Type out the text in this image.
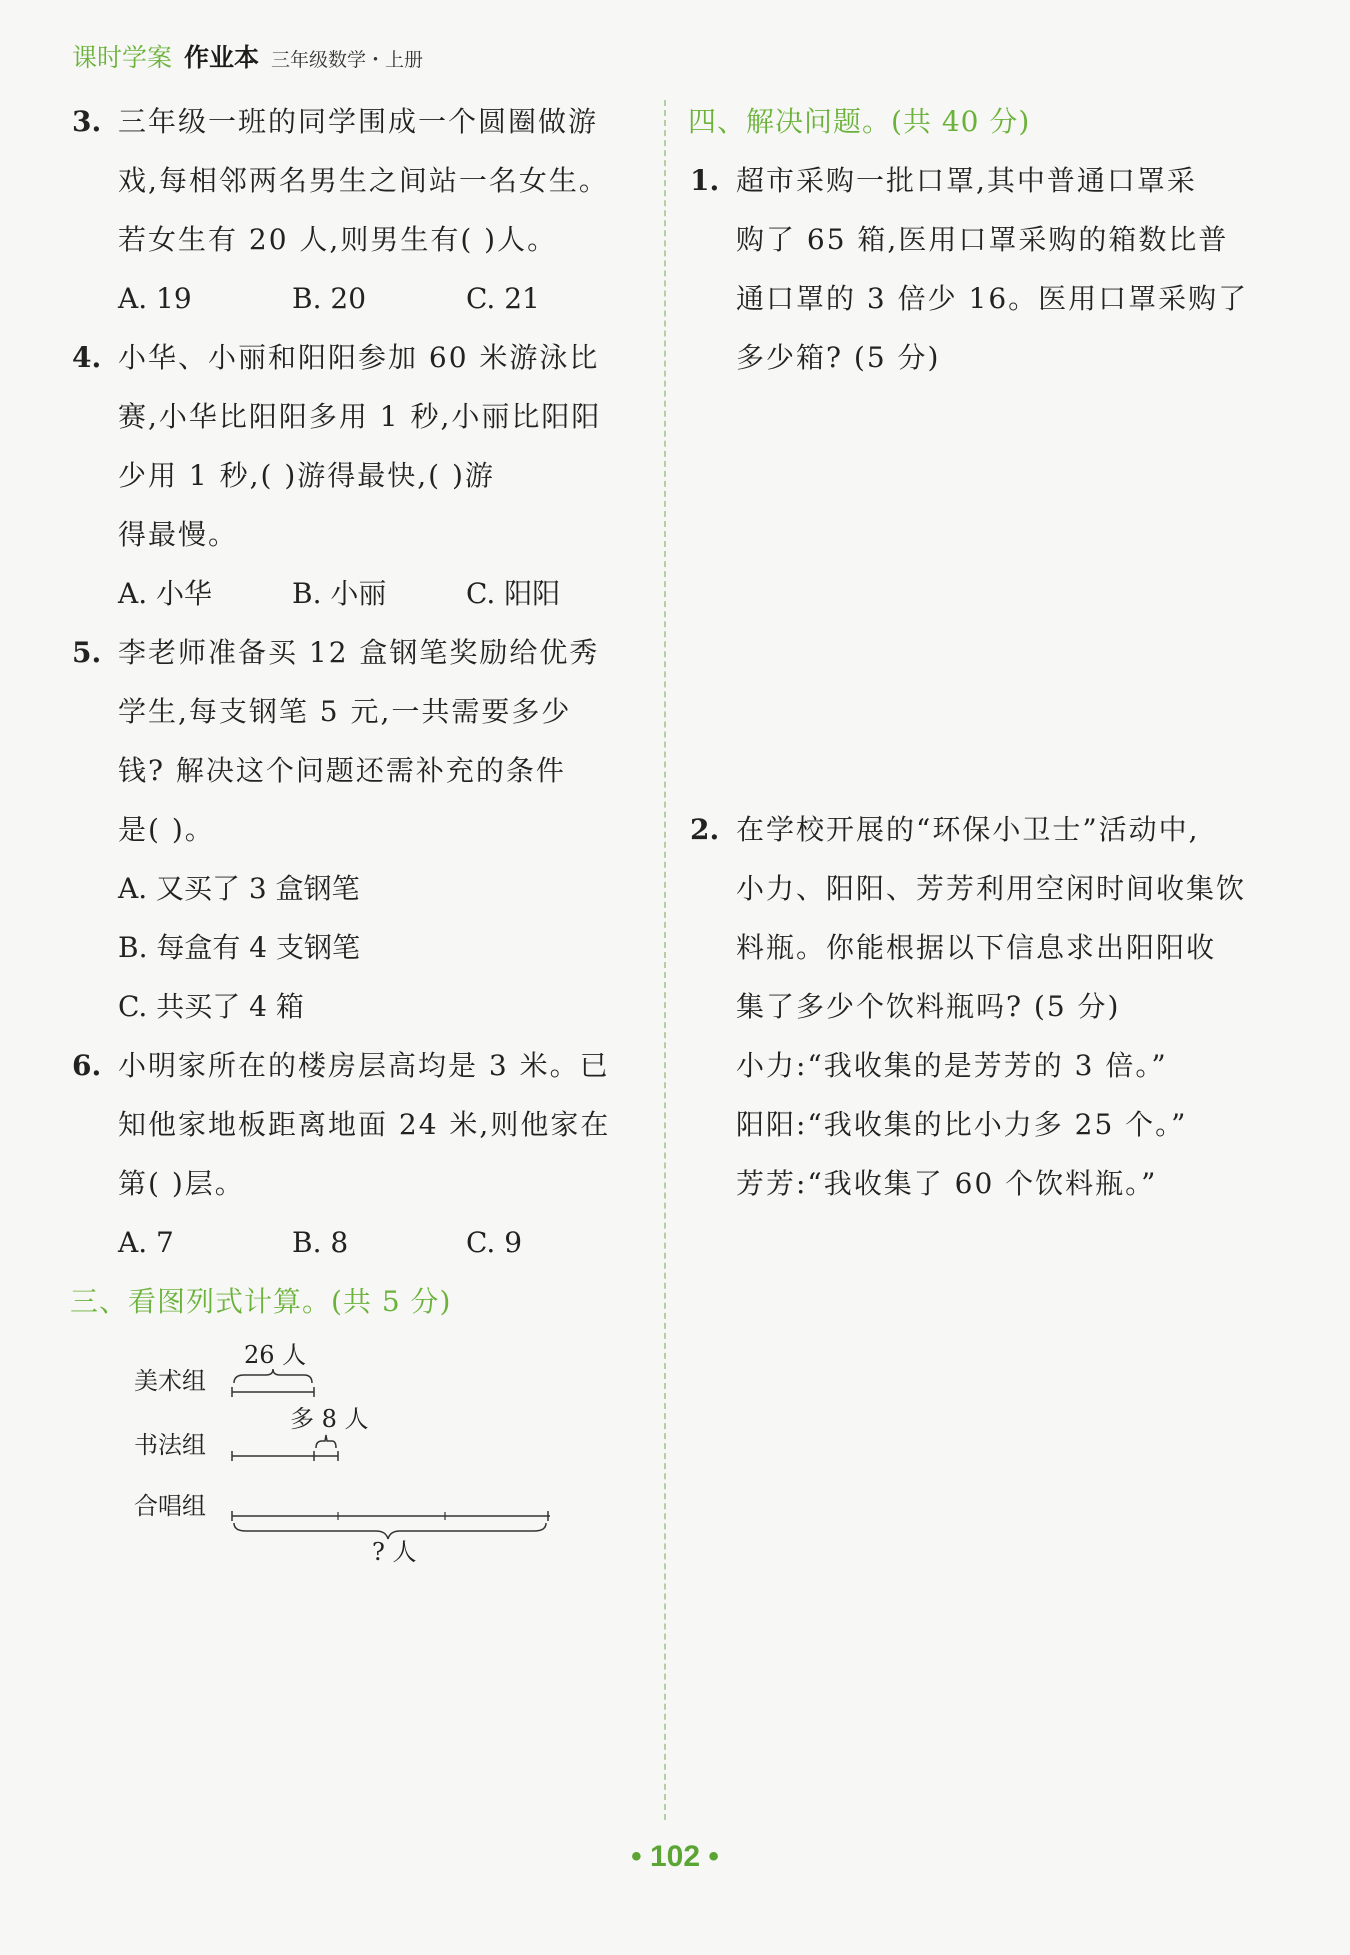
课时学案 作业本 三年级数学・上册
3. 三年级一班的同学围成一个圆圈做游
戏,每相邻两名男生之间站一名女生。
若女生有 20 人,则男生有( )人。
A. 19	B. 20	C. 21
4. 小华、小丽和阳阳参加 60 米游泳比
赛,小华比阳阳多用 1 秒,小丽比阳阳
少用 1 秒,( )游得最快,( )游
得最慢。
A. 小华	B. 小丽	C. 阳阳
5. 李老师准备买 12 盒钢笔奖励给优秀
学生,每支钢笔 5 元,一共需要多少
钱? 解决这个问题还需补充的条件
是( )。
A. 又买了 3 盒钢笔
B. 每盒有 4 支钢笔
C. 共买了 4 箱
6. 小明家所在的楼房层高均是 3 米。已
知他家地板距离地面 24 米,则他家在
第( )层。
A. 7	B. 8	C. 9
三、看图列式计算。(共 5 分)
美术组
26 人
书法组
多 8 人
合唱组
? 人
四、解决问题。(共 40 分)
1. 超市采购一批口罩,其中普通口罩采
购了 65 箱,医用口罩采购的箱数比普
通口罩的 3 倍少 16。医用口罩采购了
多少箱? (5 分)
2. 在学校开展的“环保小卫士”活动中,
小力、阳阳、芳芳利用空闲时间收集饮
料瓶。你能根据以下信息求出阳阳收
集了多少个饮料瓶吗? (5 分)
小力:“我收集的是芳芳的 3 倍。”
阳阳:“我收集的比小力多 25 个。”
芳芳:“我收集了 60 个饮料瓶。”
• 102 •
